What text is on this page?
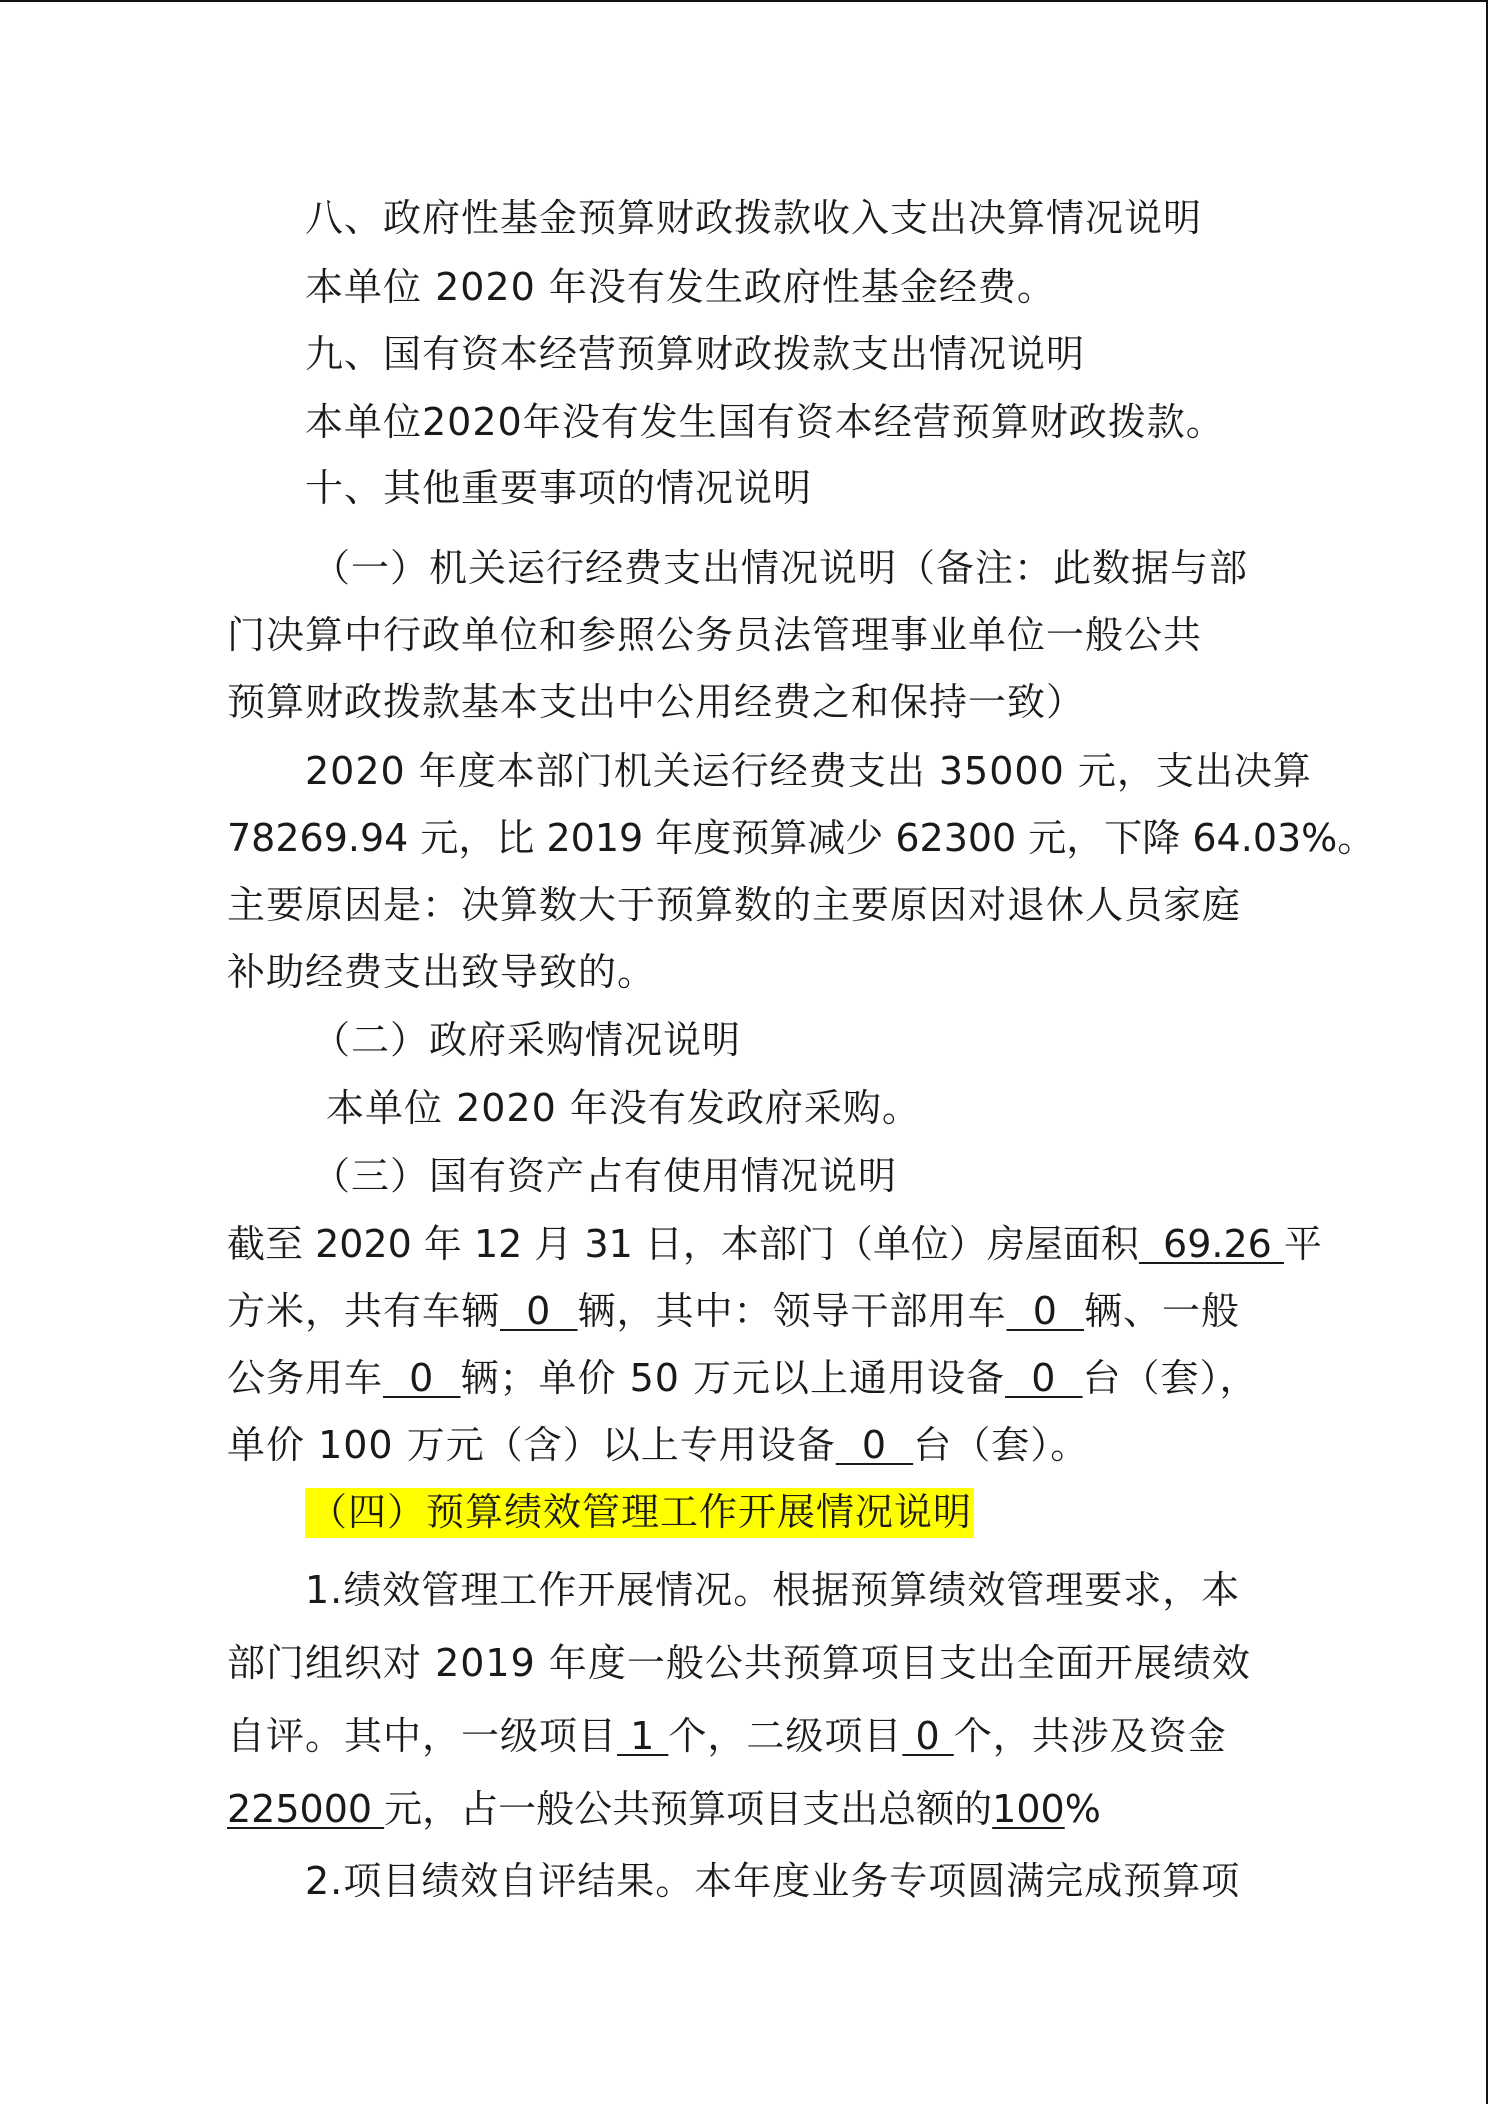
八、政府性基金预算财政拨款收入支出决算情况说明
本单位 2020 年没有发生政府性基金经费。
九、国有资本经营预算财政拨款支出情况说明
本单位2020年没有发生国有资本经营预算财政拨款。
十、其他重要事项的情况说明
（一）机关运行经费支出情况说明（备注：此数据与部
门决算中行政单位和参照公务员法管理事业单位一般公共
预算财政拨款基本支出中公用经费之和保持一致）
2020 年度本部门机关运行经费支出 35000 元，支出决算
78269.94 元，比 2019 年度预算减少 62300 元，下降 64.03%。
主要原因是：决算数大于预算数的主要原因对退休人员家庭
补助经费支出致导致的。
（二）政府采购情况说明
本单位 2020 年没有发政府采购。
（三）国有资产占有使用情况说明
截至 2020 年 12 月 31 日，本部门（单位）房屋面积  69.26 平
方米，共有车辆  0  辆，其中：领导干部用车  0  辆、一般
公务用车  0  辆；单价 50 万元以上通用设备  0  台（套），
单价 100 万元（含）以上专用设备  0  台（套）。
（四）预算绩效管理工作开展情况说明
1.绩效管理工作开展情况。根据预算绩效管理要求，本
部门组织对 2019 年度一般公共预算项目支出全面开展绩效
自评。其中，一级项目 1 个，二级项目 0 个，共涉及资金
225000 元，占一般公共预算项目支出总额的100%
2.项目绩效自评结果。本年度业务专项圆满完成预算项
